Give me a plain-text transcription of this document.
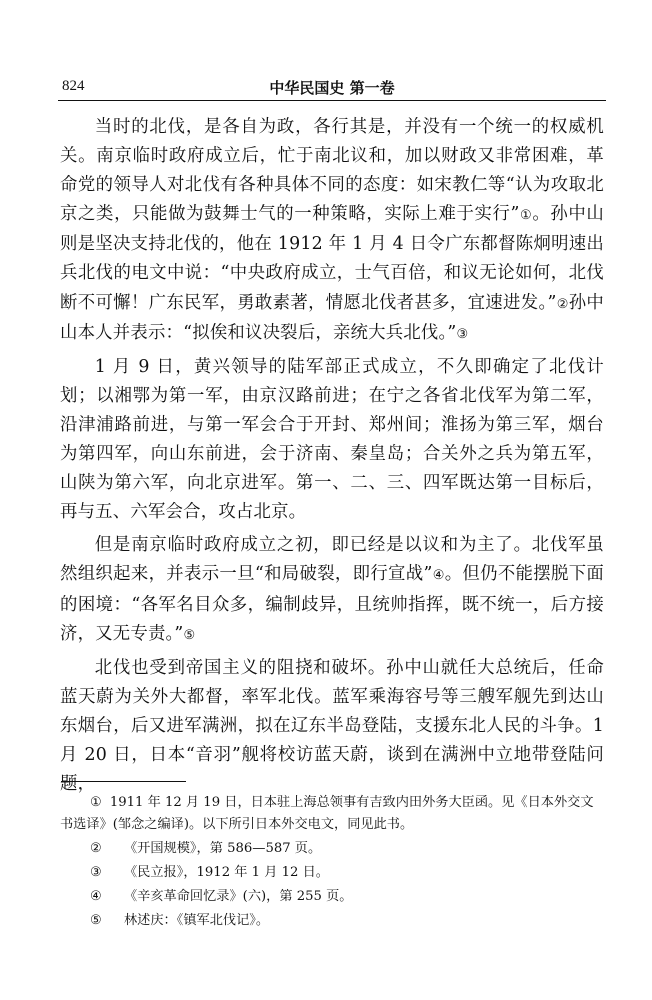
824	中华民国史 第一卷

当时的北伐，是各自为政，各行其是，并没有一个统一的权威机关。南京临时政府成立后，忙于南北议和，加以财政又非常困难，革命党的领导人对北伐有各种具体不同的态度：如宋教仁等“认为攻取北京之类，只能做为鼓舞士气的一种策略，实际上难于实行”①。孙中山则是坚决支持北伐的，他在 1912 年 1 月 4 日令广东都督陈炯明速出兵北伐的电文中说：“中央政府成立，士气百倍，和议无论如何，北伐断不可懈！广东民军，勇敢素著，情愿北伐者甚多，宜速进发。”②孙中山本人并表示：“拟俟和议决裂后，亲统大兵北伐。”③

1 月 9 日，黄兴领导的陆军部正式成立，不久即确定了北伐计划；以湘鄂为第一军，由京汉路前进；在宁之各省北伐军为第二军，沿津浦路前进，与第一军会合于开封、郑州间；淮扬为第三军，烟台为第四军，向山东前进，会于济南、秦皇岛；合关外之兵为第五军，山陕为第六军，向北京进军。第一、二、三、四军既达第一目标后，再与五、六军会合，攻占北京。

但是南京临时政府成立之初，即已经是以议和为主了。北伐军虽然组织起来，并表示一旦“和局破裂，即行宣战”④。但仍不能摆脱下面的困境：“各军名目众多，编制歧异，且统帅指挥，既不统一，后方接济，又无专责。”⑤

北伐也受到帝国主义的阻挠和破坏。孙中山就任大总统后，任命蓝天蔚为关外大都督，率军北伐。蓝军乘海容号等三艘军舰先到达山东烟台，后又进军满洲，拟在辽东半岛登陆，支援东北人民的斗争。1 月 20 日，日本“音羽”舰将校访蓝天蔚，谈到在满洲中立地带登陆问题，

① 1911 年 12 月 19 日，日本驻上海总领事有吉致内田外务大臣函。见《日本外交文书选译》(邹念之编译)。以下所引日本外交电文，同见此书。
②	《开国规模》，第 586—587 页。
③	《民立报》，1912 年 1 月 12 日。
④	《辛亥革命回忆录》(六)，第 255 页。
⑤	林述庆：《镇军北伐记》。
